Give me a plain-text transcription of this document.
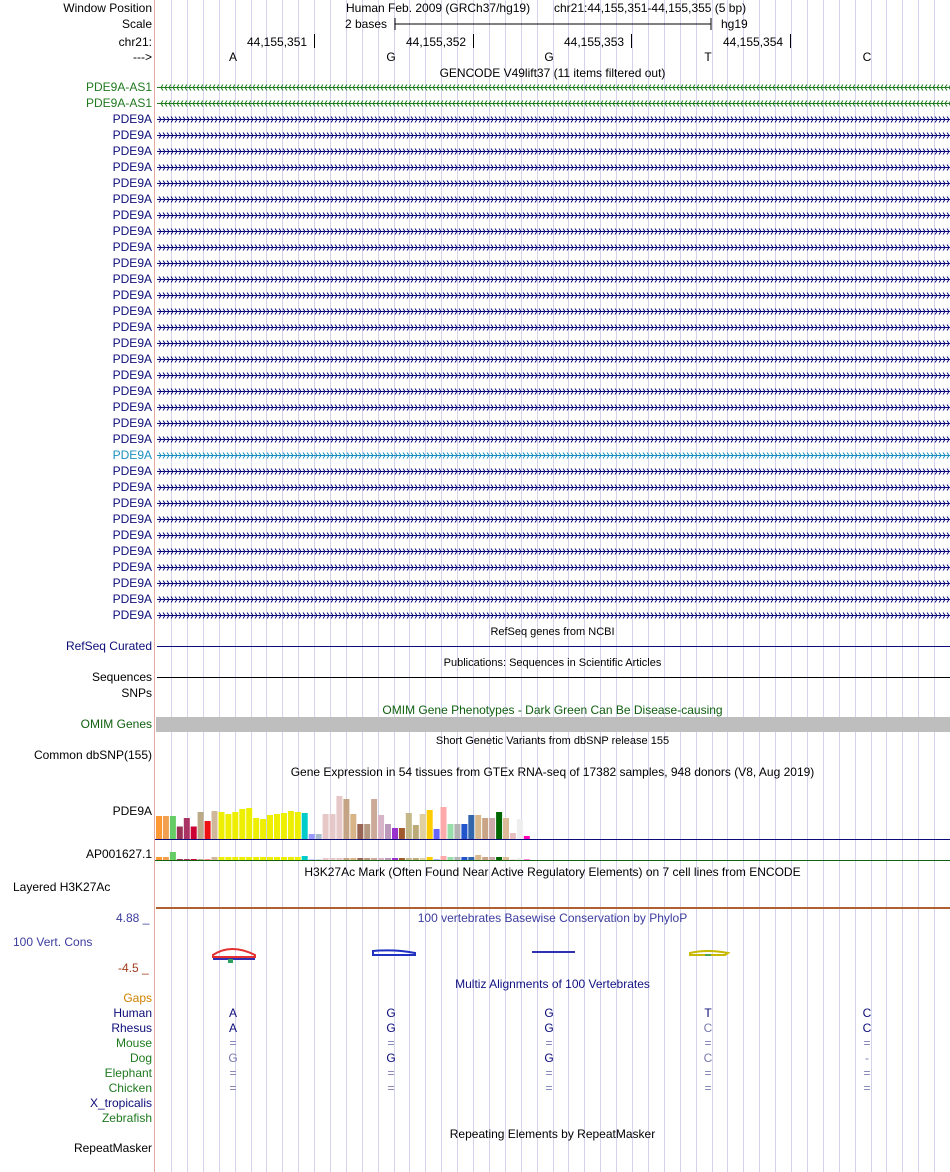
Window Position	Human Feb. 2009 (GRCh37/hg19) chr21:44,155,351-44,155,355 (5 bp)
Scale	2 bases	hg19
chr21:	44,155,351	44,155,352	44,155,353	44,155,354
--->	A	G	G	T	C
GENCODE V49lift37 (11 items filtered out)
PDE9A-AS1
PDE9A-AS1
PDE9A
PDE9A
PDE9A
PDE9A
PDE9A
PDE9A
PDE9A
PDE9A
PDE9A
PDE9A
PDE9A
PDE9A
PDE9A
PDE9A
PDE9A
PDE9A
PDE9A
PDE9A
PDE9A
PDE9A
PDE9A
PDE9A
PDE9A
PDE9A
PDE9A
PDE9A
PDE9A
PDE9A
PDE9A
PDE9A
PDE9A
PDE9A
RefSeq genes from NCBI
RefSeq Curated
Publications: Sequences in Scientific Articles
Sequences
SNPs
OMIM Gene Phenotypes - Dark Green Can Be Disease-causing
OMIM Genes
Short Genetic Variants from dbSNP release 155
Common dbSNP(155)
Gene Expression in 54 tissues from GTEx RNA-seq of 17382 samples, 948 donors (V8, Aug 2019)
PDE9A
AP001627.1
H3K27Ac Mark (Often Found Near Active Regulatory Elements) on 7 cell lines from ENCODE
Layered H3K27Ac
100 vertebrates Basewise Conservation by PhyloP
4.88 _
100 Vert. Cons
-4.5 _
Multiz Alignments of 100 Vertebrates
Gaps
Human	A	G	G	T	C
Rhesus	A	G	G	C	C
Mouse	=	=	=	=	=
Dog	G	G	G	C	-
Elephant	=	=	=	=	=
Chicken	=	=	=	=	=
X_tropicalis
Zebrafish
Repeating Elements by RepeatMasker
RepeatMasker
